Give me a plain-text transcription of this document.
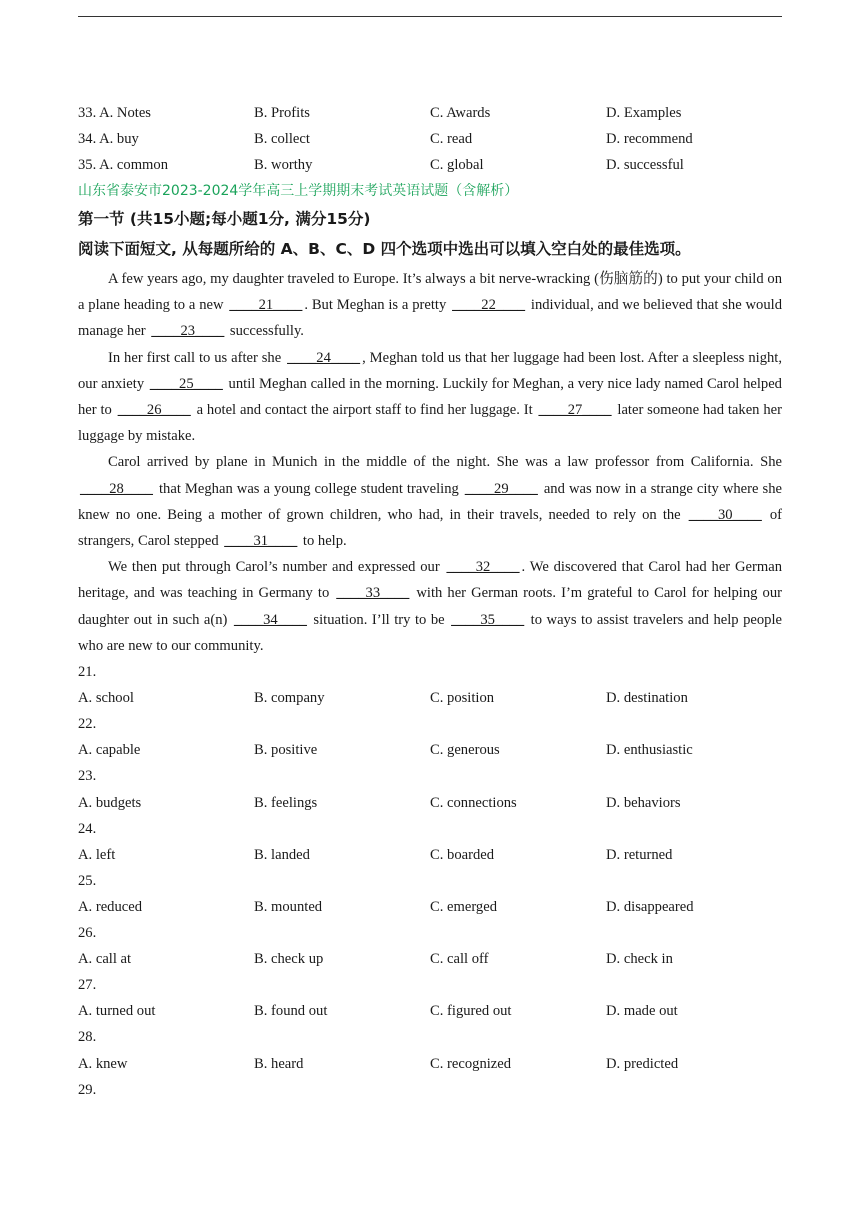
33. A. Notes	B. Profits	C. Awards	D. Examples
34. A. buy	B. collect	C. read	D. recommend
35. A. common	B. worthy	C. global	D. successful
山东省泰安市2023-2024学年高三上学期期末考试英语试题（含解析）
第一节 (共15小题;每小题1分, 满分15分)
阅读下面短文, 从每题所给的 A、B、C、D 四个选项中选出可以填入空白处的最佳选项。

A few years ago, my daughter traveled to Europe. It’s always a bit nerve-wracking (伤脑筋的) to put your child on a plane heading to a new ____21____ . But Meghan is a pretty ____22____ individual, and we believed that she would manage her ____23____ successfully.

In her first call to us after she ____24____ , Meghan told us that her luggage had been lost. After a sleepless night, our anxiety ____25____ until Meghan called in the morning. Luckily for Meghan, a very nice lady named Carol helped her to ____26____ a hotel and contact the airport staff to find her luggage. It ____27____ later someone had taken her luggage by mistake.

Carol arrived by plane in Munich in the middle of the night. She was a law professor from California. She ____28____ that Meghan was a young college student traveling ____29____ and was now in a strange city where she knew no one. Being a mother of grown children, who had, in their travels, needed to rely on the ____30____ of strangers, Carol stepped ____31____ to help.

We then put through Carol’s number and expressed our ____32____ . We discovered that Carol had her German heritage, and was teaching in Germany to ____33____ with her German roots. I’m grateful to Carol for helping our daughter out in such a(n) ____34____ situation. I’ll try to be ____35____ to ways to assist travelers and help people who are new to our community.

21.
A. school	B. company	C. position	D. destination
22.
A. capable	B. positive	C. generous	D. enthusiastic
23.
A. budgets	B. feelings	C. connections	D. behaviors
24.
A. left	B. landed	C. boarded	D. returned
25.
A. reduced	B. mounted	C. emerged	D. disappeared
26.
A. call at	B. check up	C. call off	D. check in
27.
A. turned out	B. found out	C. figured out	D. made out
28.
A. knew	B. heard	C. recognized	D. predicted
29.
